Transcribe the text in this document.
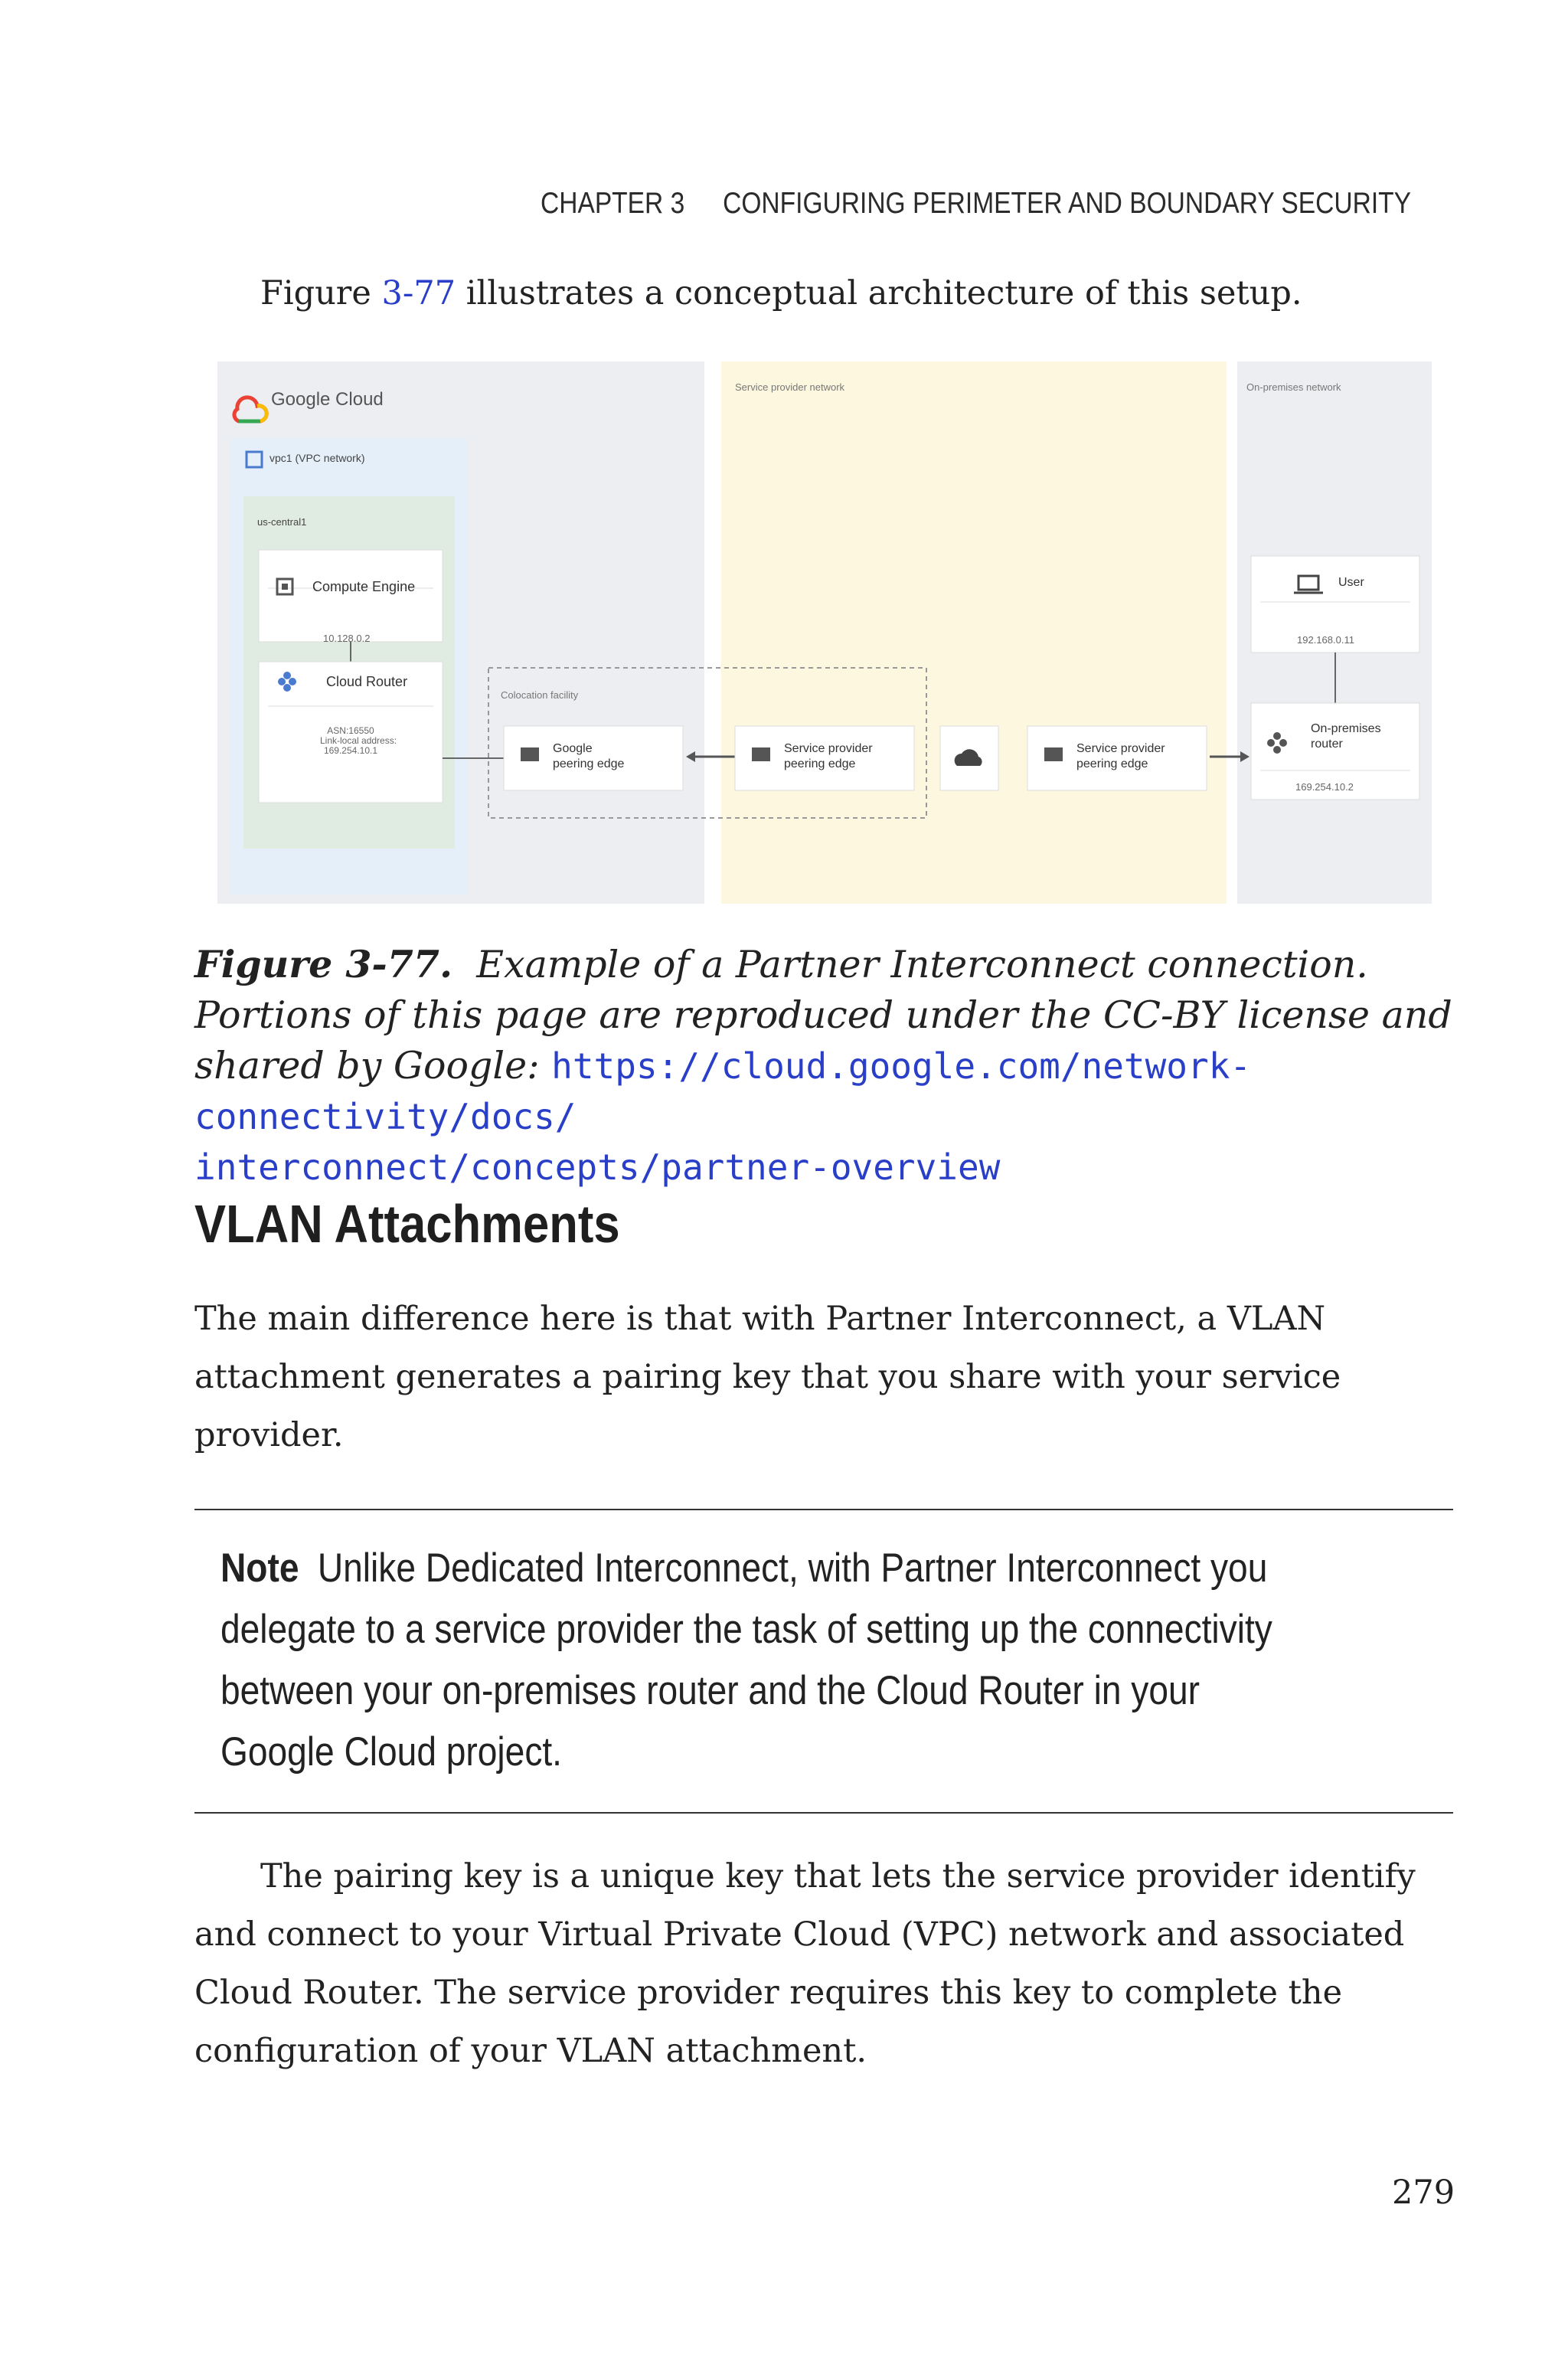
CHAPTER 3 CONFIGURING PERIMETER AND BOUNDARY SECURITY
Figure 3-77 illustrates a conceptual architecture of this setup.
Google Cloud
vpc1 (VPC network)
us-central1
Service provider network	On-premises network
Compute Engine
10.128.0.2
Cloud Router
ASN:16550
Link-local address:
169.254.10.1
Colocation facility
Google
peering edge
Service provider
peering edge
Service provider
peering edge
User
192.168.0.11
On-premises
router
169.254.10.2
Figure 3-77. Example of a Partner Interconnect connection. Portions of this page are reproduced under the CC-BY license and shared by Google: https://cloud.google.com/network-connectivity/docs/
interconnect/concepts/partner-overview
VLAN Attachments
The main difference here is that with Partner Interconnect, a VLAN attachment generates a pairing key that you share with your service provider.
Note Unlike Dedicated Interconnect, with Partner Interconnect you delegate to a service provider the task of setting up the connectivity between your on-premises router and the Cloud Router in your Google Cloud project.
The pairing key is a unique key that lets the service provider identify and connect to your Virtual Private Cloud (VPC) network and associated Cloud Router. The service provider requires this key to complete the configuration of your VLAN attachment.
279
